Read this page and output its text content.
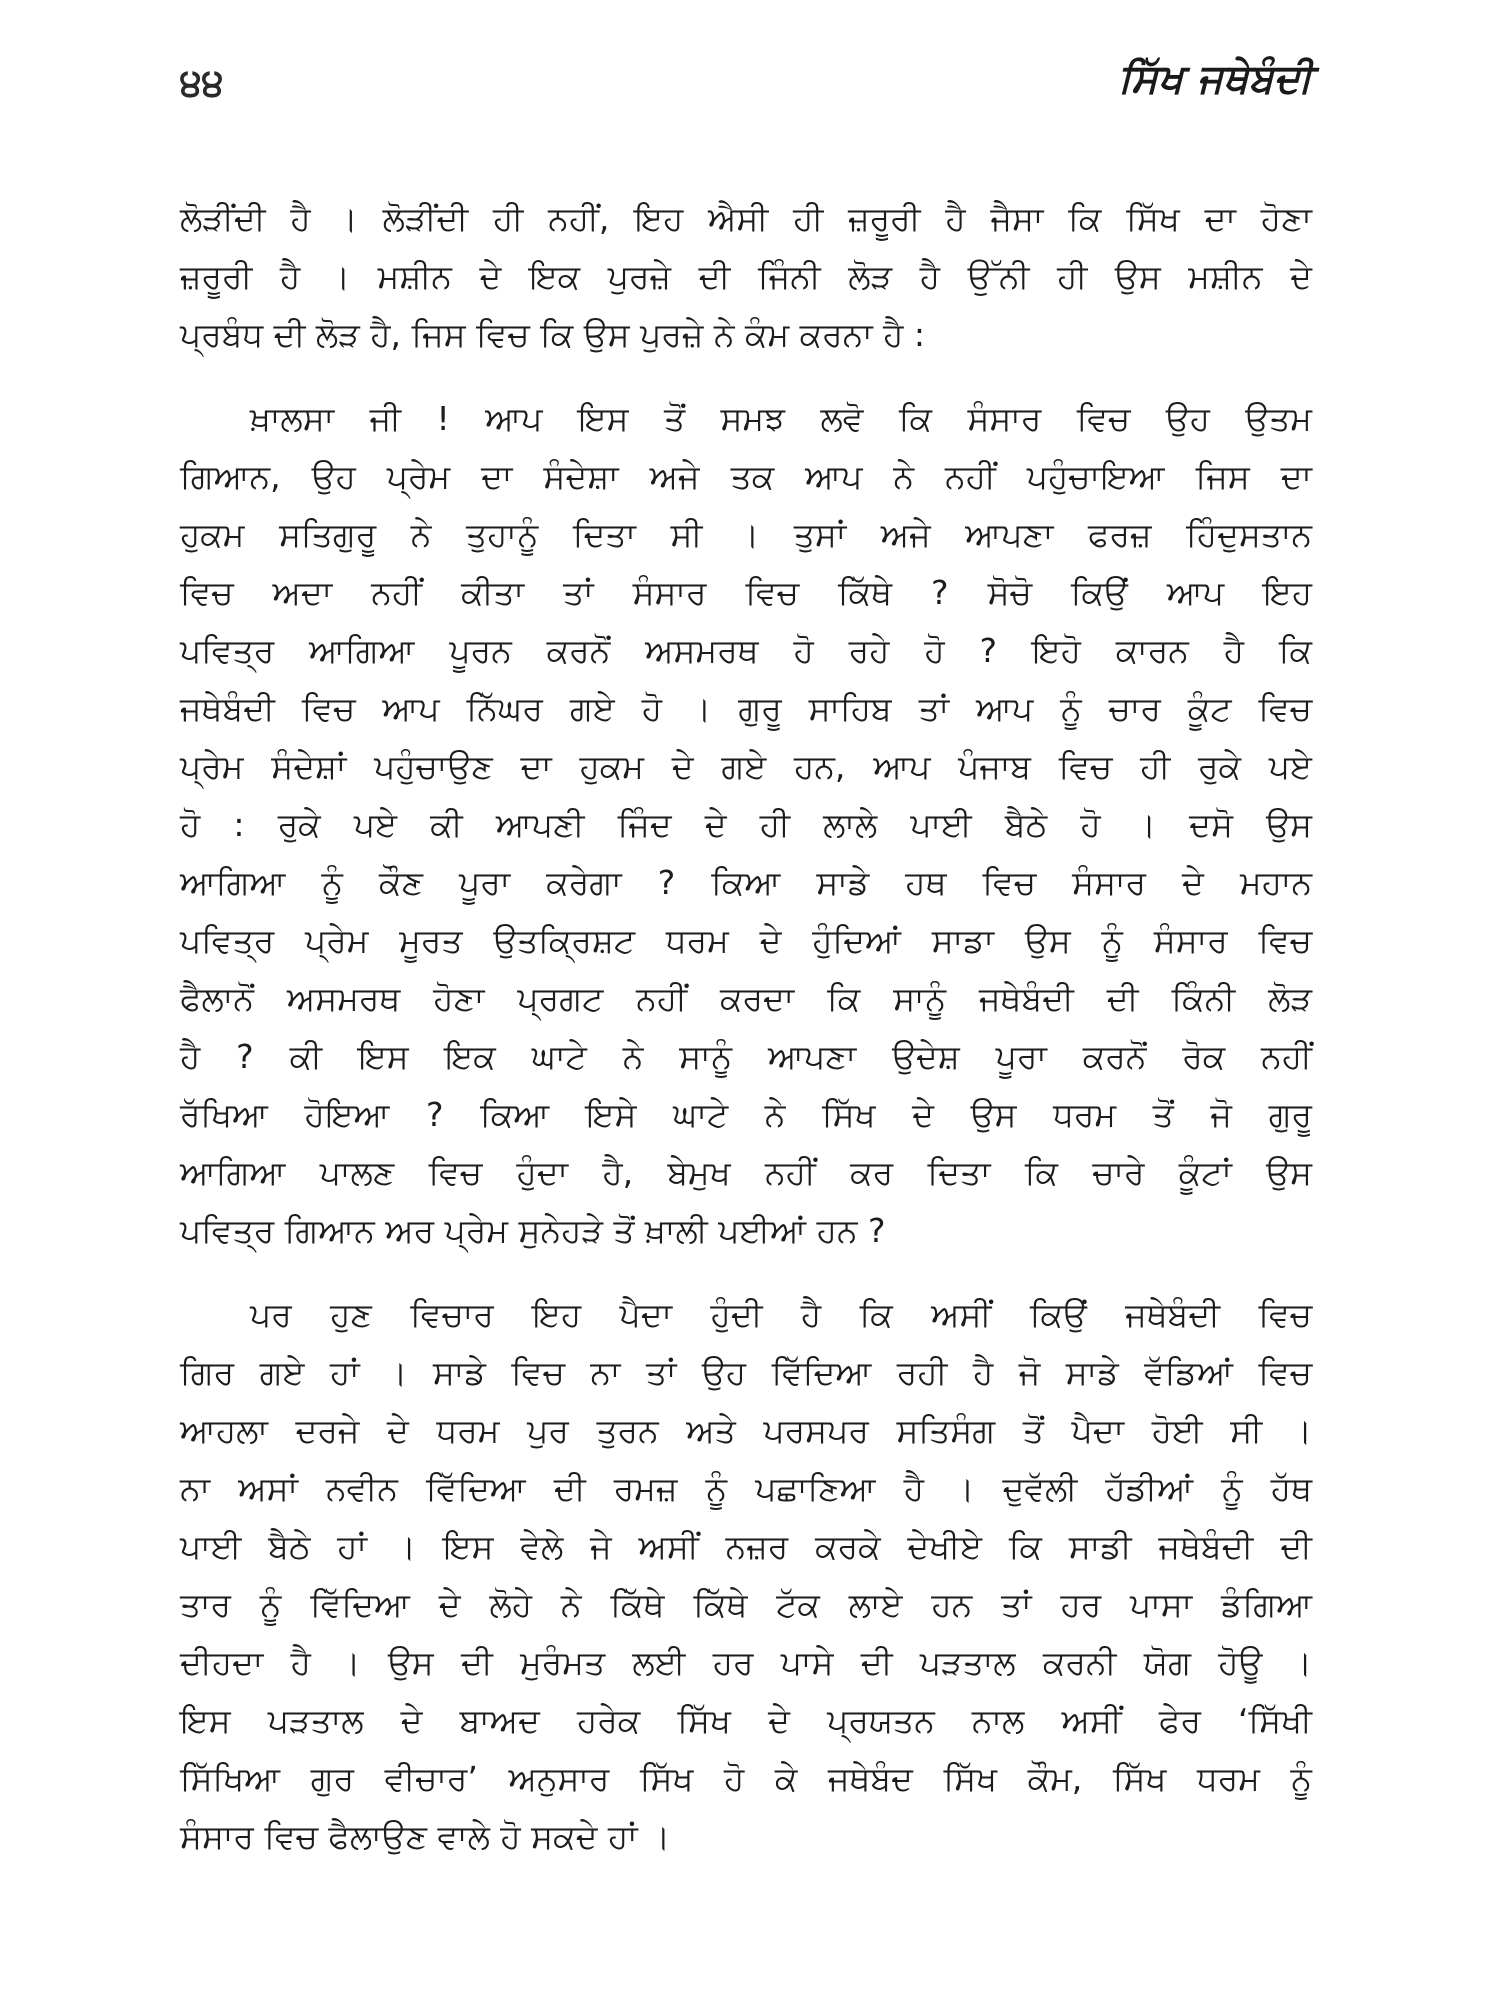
੪੪	ਸਿੱਖ ਜਥੇਬੰਦੀ
ਲੋੜੀਂਦੀ ਹੈ । ਲੋੜੀਂਦੀ ਹੀ ਨਹੀਂ, ਇਹ ਐਸੀ ਹੀ ਜ਼ਰੂਰੀ ਹੈ ਜੈਸਾ ਕਿ ਸਿੱਖ ਦਾ ਹੋਣਾ
ਜ਼ਰੂਰੀ ਹੈ । ਮਸ਼ੀਨ ਦੇ ਇਕ ਪੁਰਜ਼ੇ ਦੀ ਜਿੰਨੀ ਲੋੜ ਹੈ ਉੱਨੀ ਹੀ ਉਸ ਮਸ਼ੀਨ ਦੇ
ਪ੍ਰਬੰਧ ਦੀ ਲੋੜ ਹੈ, ਜਿਸ ਵਿਚ ਕਿ ਉਸ ਪੁਰਜ਼ੇ ਨੇ ਕੰਮ ਕਰਨਾ ਹੈ :
ਖ਼ਾਲਸਾ ਜੀ ! ਆਪ ਇਸ ਤੋਂ ਸਮਝ ਲਵੋ ਕਿ ਸੰਸਾਰ ਵਿਚ ਉਹ ਉਤਮ
ਗਿਆਨ, ਉਹ ਪ੍ਰੇਮ ਦਾ ਸੰਦੇਸ਼ਾ ਅਜੇ ਤਕ ਆਪ ਨੇ ਨਹੀਂ ਪਹੁੰਚਾਇਆ ਜਿਸ ਦਾ
ਹੁਕਮ ਸਤਿਗੁਰੂ ਨੇ ਤੁਹਾਨੂੰ ਦਿਤਾ ਸੀ । ਤੁਸਾਂ ਅਜੇ ਆਪਣਾ ਫਰਜ਼ ਹਿੰਦੁਸਤਾਨ
ਵਿਚ ਅਦਾ ਨਹੀਂ ਕੀਤਾ ਤਾਂ ਸੰਸਾਰ ਵਿਚ ਕਿੱਥੇ ? ਸੋਚੋ ਕਿਉਂ ਆਪ ਇਹ
ਪਵਿਤ੍ਰ ਆਗਿਆ ਪੂਰਨ ਕਰਨੋਂ ਅਸਮਰਥ ਹੋ ਰਹੇ ਹੋ ? ਇਹੋ ਕਾਰਨ ਹੈ ਕਿ
ਜਥੇਬੰਦੀ ਵਿਚ ਆਪ ਨਿੱਘਰ ਗਏ ਹੋ । ਗੁਰੂ ਸਾਹਿਬ ਤਾਂ ਆਪ ਨੂੰ ਚਾਰ ਕੂੰਟ ਵਿਚ
ਪ੍ਰੇਮ ਸੰਦੇਸ਼ਾਂ ਪਹੁੰਚਾਉਣ ਦਾ ਹੁਕਮ ਦੇ ਗਏ ਹਨ, ਆਪ ਪੰਜਾਬ ਵਿਚ ਹੀ ਰੁਕੇ ਪਏ
ਹੋ : ਰੁਕੇ ਪਏ ਕੀ ਆਪਣੀ ਜਿੰਦ ਦੇ ਹੀ ਲਾਲੇ ਪਾਈ ਬੈਠੇ ਹੋ । ਦਸੋ ਉਸ
ਆਗਿਆ ਨੂੰ ਕੌਣ ਪੂਰਾ ਕਰੇਗਾ ? ਕਿਆ ਸਾਡੇ ਹਥ ਵਿਚ ਸੰਸਾਰ ਦੇ ਮਹਾਨ
ਪਵਿਤ੍ਰ ਪ੍ਰੇਮ ਮੂਰਤ ਉਤਕ੍ਰਿਸ਼ਟ ਧਰਮ ਦੇ ਹੁੰਦਿਆਂ ਸਾਡਾ ਉਸ ਨੂੰ ਸੰਸਾਰ ਵਿਚ
ਫੈਲਾਨੋਂ ਅਸਮਰਥ ਹੋਣਾ ਪ੍ਰਗਟ ਨਹੀਂ ਕਰਦਾ ਕਿ ਸਾਨੂੰ ਜਥੇਬੰਦੀ ਦੀ ਕਿੰਨੀ ਲੋੜ
ਹੈ ? ਕੀ ਇਸ ਇਕ ਘਾਟੇ ਨੇ ਸਾਨੂੰ ਆਪਣਾ ਉਦੇਸ਼ ਪੂਰਾ ਕਰਨੋਂ ਰੋਕ ਨਹੀਂ
ਰੱਖਿਆ ਹੋਇਆ ? ਕਿਆ ਇਸੇ ਘਾਟੇ ਨੇ ਸਿੱਖ ਦੇ ਉਸ ਧਰਮ ਤੋਂ ਜੋ ਗੁਰੂ
ਆਗਿਆ ਪਾਲਣ ਵਿਚ ਹੁੰਦਾ ਹੈ, ਬੇਮੁਖ ਨਹੀਂ ਕਰ ਦਿਤਾ ਕਿ ਚਾਰੇ ਕੂੰਟਾਂ ਉਸ
ਪਵਿਤ੍ਰ ਗਿਆਨ ਅਰ ਪ੍ਰੇਮ ਸੁਨੇਹੜੇ ਤੋਂ ਖ਼ਾਲੀ ਪਈਆਂ ਹਨ ?
ਪਰ ਹੁਣ ਵਿਚਾਰ ਇਹ ਪੈਦਾ ਹੁੰਦੀ ਹੈ ਕਿ ਅਸੀਂ ਕਿਉਂ ਜਥੇਬੰਦੀ ਵਿਚ
ਗਿਰ ਗਏ ਹਾਂ । ਸਾਡੇ ਵਿਚ ਨਾ ਤਾਂ ਉਹ ਵਿੱਦਿਆ ਰਹੀ ਹੈ ਜੋ ਸਾਡੇ ਵੱਡਿਆਂ ਵਿਚ
ਆਹਲਾ ਦਰਜੇ ਦੇ ਧਰਮ ਪੁਰ ਤੁਰਨ ਅਤੇ ਪਰਸਪਰ ਸਤਿਸੰਗ ਤੋਂ ਪੈਦਾ ਹੋਈ ਸੀ ।
ਨਾ ਅਸਾਂ ਨਵੀਨ ਵਿੱਦਿਆ ਦੀ ਰਮਜ਼ ਨੂੰ ਪਛਾਣਿਆ ਹੈ । ਦੁਵੱਲੀ ਹੱਡੀਆਂ ਨੂੰ ਹੱਥ
ਪਾਈ ਬੈਠੇ ਹਾਂ । ਇਸ ਵੇਲੇ ਜੇ ਅਸੀਂ ਨਜ਼ਰ ਕਰਕੇ ਦੇਖੀਏ ਕਿ ਸਾਡੀ ਜਥੇਬੰਦੀ ਦੀ
ਤਾਰ ਨੂੰ ਵਿੱਦਿਆ ਦੇ ਲੋਹੇ ਨੇ ਕਿੱਥੇ ਕਿੱਥੇ ਟੱਕ ਲਾਏ ਹਨ ਤਾਂ ਹਰ ਪਾਸਾ ਡੰਗਿਆ
ਦੀਹਦਾ ਹੈ । ਉਸ ਦੀ ਮੁਰੰਮਤ ਲਈ ਹਰ ਪਾਸੇ ਦੀ ਪੜਤਾਲ ਕਰਨੀ ਯੋਗ ਹੋਊ ।
ਇਸ ਪੜਤਾਲ ਦੇ ਬਾਅਦ ਹਰੇਕ ਸਿੱਖ ਦੇ ਪ੍ਰਯਤਨ ਨਾਲ ਅਸੀਂ ਫੇਰ ‘ਸਿੱਖੀ
ਸਿੱਖਿਆ ਗੁਰ ਵੀਚਾਰ’ ਅਨੁਸਾਰ ਸਿੱਖ ਹੋ ਕੇ ਜਥੇਬੰਦ ਸਿੱਖ ਕੌਮ, ਸਿੱਖ ਧਰਮ ਨੂੰ
ਸੰਸਾਰ ਵਿਚ ਫੈਲਾਉਣ ਵਾਲੇ ਹੋ ਸਕਦੇ ਹਾਂ ।
